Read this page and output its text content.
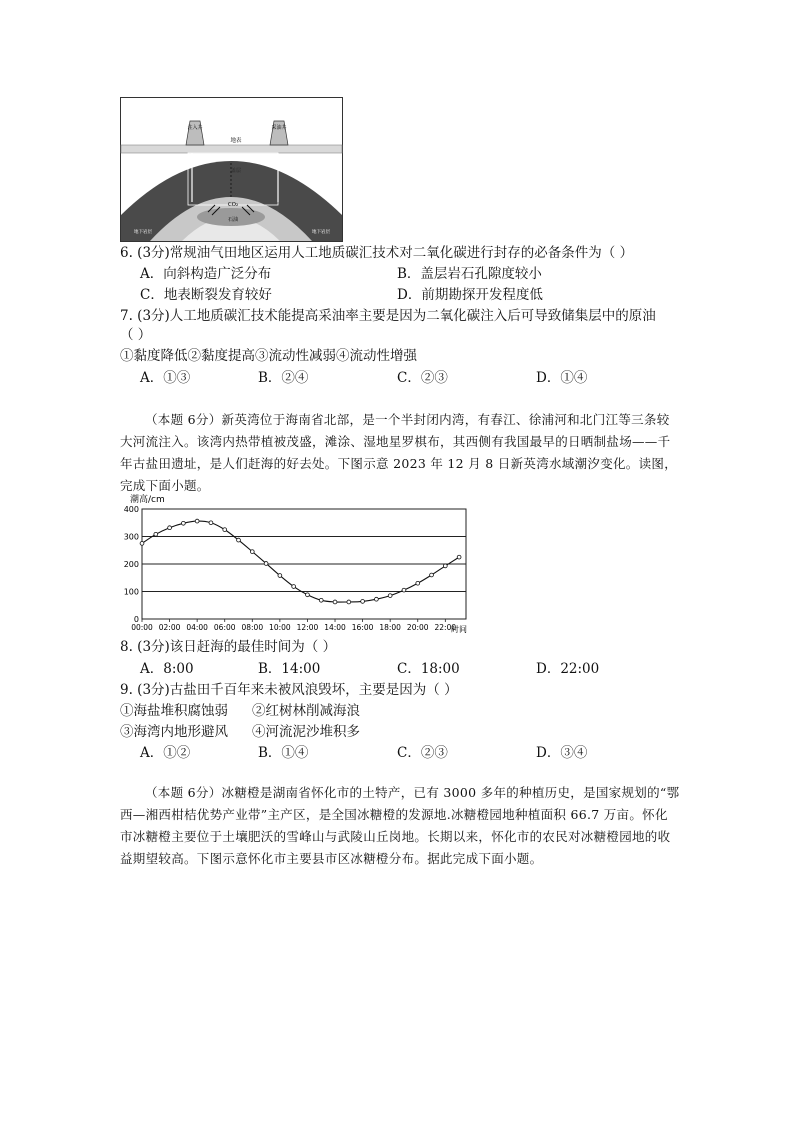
注入井	采油井
地表
盖层
CO₂
石油
地下岩层	地下岩层
6. (3分)常规油气田地区运用人工地质碳汇技术对二氧化碳进行封存的必备条件为（ ）
A．向斜构造广泛分布	B．盖层岩石孔隙度较小
C．地表断裂发育较好	D．前期勘探开发程度低
7. (3分)人工地质碳汇技术能提高采油率主要是因为二氧化碳注入后可导致储集层中的原油
（ ）
①黏度降低②黏度提高③流动性减弱④流动性增强
A．①③	B．②④	C．②③	D．①④
（本题 6分）新英湾位于海南省北部，是一个半封闭内湾，有春江、徐浦河和北门江等三条较大河流注入。该湾内热带植被茂盛，滩涂、湿地星罗棋布，其西侧有我国最早的日晒制盐场——千年古盐田遗址，是人们赶海的好去处。下图示意 2023 年 12 月 8 日新英湾水域潮汐变化。读图，完成下面小题。
潮高/cm
时间
0
100
200
300
400
00:00 02:00 04:00 06:00 08:00 10:00 12:00 14:00 16:00 18:00 20:00 22:00
8. (3分)该日赶海的最佳时间为（ ）
A．8:00	B．14:00	C．18:00	D．22:00
9. (3分)古盐田千百年来未被风浪毁坏，主要是因为（ ）
①海盐堆积腐蚀弱 ②红树林削减海浪
③海湾内地形避风 ④河流泥沙堆积多
A．①②	B．①④	C．②③	D．③④
（本题 6分）冰糖橙是湖南省怀化市的土特产，已有 3000 多年的种植历史，是国家规划的“鄂西—湘西柑桔优势产业带”主产区，是全国冰糖橙的发源地.冰糖橙园地种植面积 66.7 万亩。怀化市冰糖橙主要位于土壤肥沃的雪峰山与武陵山丘岗地。长期以来，怀化市的农民对冰糖橙园地的收益期望较高。下图示意怀化市主要县市区冰糖橙分布。据此完成下面小题。
